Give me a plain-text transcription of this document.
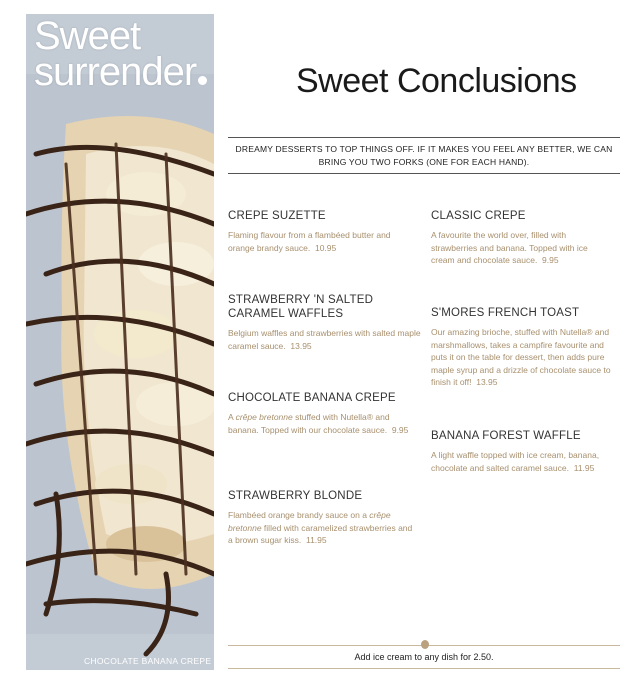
Sweet
surrender
CHOCOLATE BANANA CREPE
Sweet Conclusions
DREAMY DESSERTS TO TOP THINGS OFF. IF IT MAKES YOU FEEL ANY BETTER, WE CAN BRING YOU TWO FORKS (ONE FOR EACH HAND).
CREPE SUZETTE
Flaming flavour from a flambéed butter and orange brandy sauce. 10.95
STRAWBERRY 'N SALTED CARAMEL WAFFLES
Belgium waffles and strawberries with salted maple caramel sauce. 13.95
CHOCOLATE BANANA CREPE
A crêpe bretonne stuffed with Nutella® and banana. Topped with our chocolate sauce. 9.95
STRAWBERRY BLONDE
Flambéed orange brandy sauce on a crêpe bretonne filled with caramelized strawberries and a brown sugar kiss. 11.95
CLASSIC CREPE
A favourite the world over, filled with strawberries and banana. Topped with ice cream and chocolate sauce. 9.95
S'MORES FRENCH TOAST
Our amazing brioche, stuffed with Nutella® and marshmallows, takes a campfire favourite and puts it on the table for dessert, then adds pure maple syrup and a drizzle of chocolate sauce to finish it off! 13.95
BANANA FOREST WAFFLE
A light waffle topped with ice cream, banana, chocolate and salted caramel sauce. 11.95
Add ice cream to any dish for 2.50.
